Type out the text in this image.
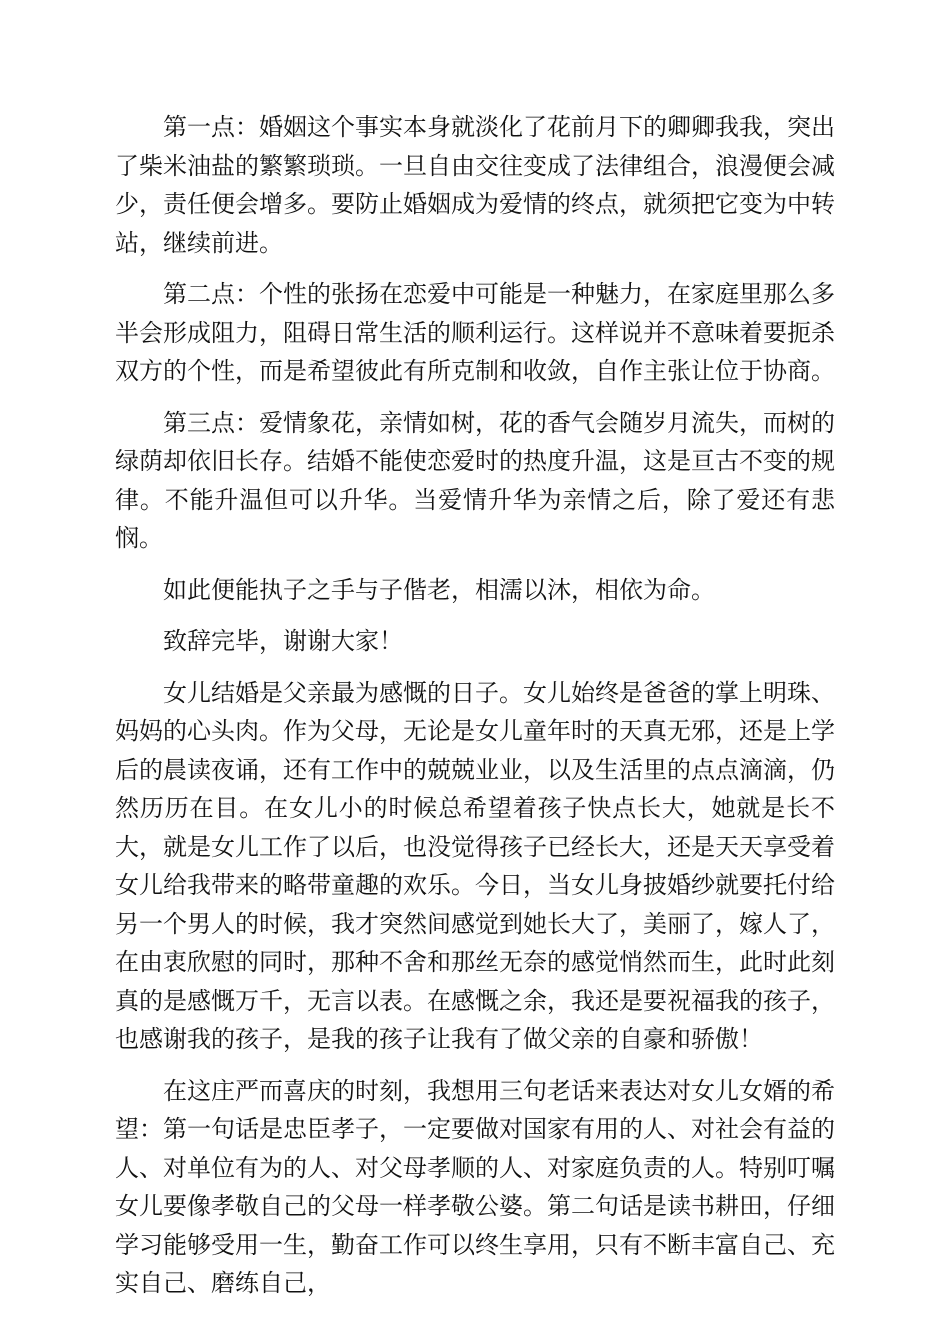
第一点：婚姻这个事实本身就淡化了花前月下的卿卿我我，突出了柴米油盐的繁繁琐琐。一旦自由交往变成了法律组合，浪漫便会减少，责任便会增多。要防止婚姻成为爱情的终点，就须把它变为中转站，继续前进。

第二点：个性的张扬在恋爱中可能是一种魅力，在家庭里那么多半会形成阻力，阻碍日常生活的顺利运行。这样说并不意味着要扼杀双方的个性，而是希望彼此有所克制和收敛，自作主张让位于协商。

第三点：爱情象花，亲情如树，花的香气会随岁月流失，而树的绿荫却依旧长存。结婚不能使恋爱时的热度升温，这是亘古不变的规律。不能升温但可以升华。当爱情升华为亲情之后，除了爱还有悲悯。

如此便能执子之手与子偕老，相濡以沐，相依为命。

致辞完毕，谢谢大家！

女儿结婚是父亲最为感慨的日子。女儿始终是爸爸的掌上明珠、妈妈的心头肉。作为父母，无论是女儿童年时的天真无邪，还是上学后的晨读夜诵，还有工作中的兢兢业业，以及生活里的点点滴滴，仍然历历在目。在女儿小的时候总希望着孩子快点长大，她就是长不大，就是女儿工作了以后，也没觉得孩子已经长大，还是天天享受着女儿给我带来的略带童趣的欢乐。今日，当女儿身披婚纱就要托付给另一个男人的时候，我才突然间感觉到她长大了，美丽了，嫁人了，在由衷欣慰的同时，那种不舍和那丝无奈的感觉悄然而生，此时此刻真的是感慨万千，无言以表。在感慨之余，我还是要祝福我的孩子，也感谢我的孩子，是我的孩子让我有了做父亲的自豪和骄傲！

在这庄严而喜庆的时刻，我想用三句老话来表达对女儿女婿的希望：第一句话是忠臣孝子，一定要做对国家有用的人、对社会有益的人、对单位有为的人、对父母孝顺的人、对家庭负责的人。特别叮嘱女儿要像孝敬自己的父母一样孝敬公婆。第二句话是读书耕田，仔细学习能够受用一生，勤奋工作可以终生享用，只有不断丰富自己、充实自己、磨练自己，
